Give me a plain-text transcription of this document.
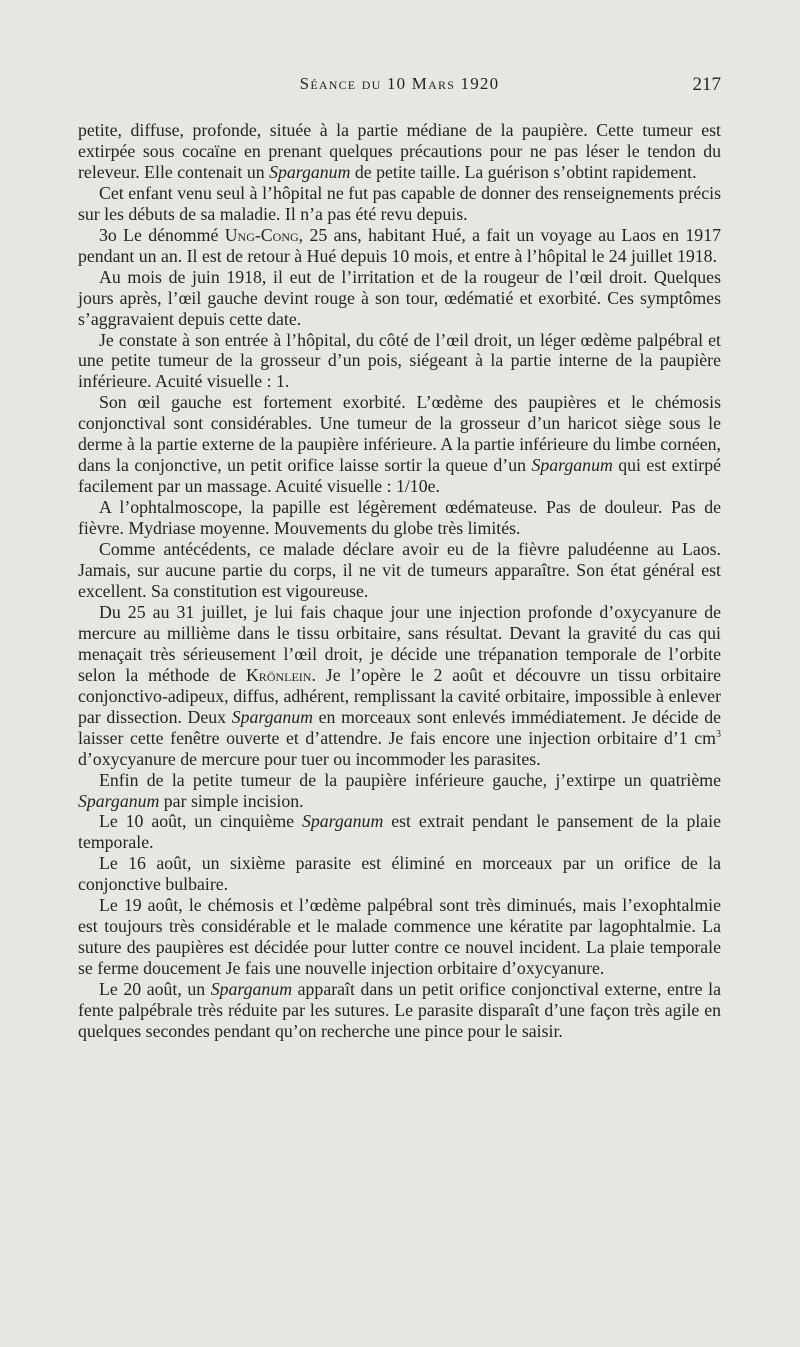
Séance du 10 Mars 1920	217

petite, diffuse, profonde, située à la partie médiane de la paupière. Cette tumeur est extirpée sous cocaïne en prenant quelques précautions pour ne pas léser le tendon du releveur. Elle contenait un Sparganum de petite taille. La guérison s’obtint rapidement.

Cet enfant venu seul à l’hôpital ne fut pas capable de donner des renseignements précis sur les débuts de sa maladie. Il n’a pas été revu depuis.

3o Le dénommé Ung-Cong, 25 ans, habitant Hué, a fait un voyage au Laos en 1917 pendant un an. Il est de retour à Hué depuis 10 mois, et entre à l’hôpital le 24 juillet 1918.

Au mois de juin 1918, il eut de l’irritation et de la rougeur de l’œil droit. Quelques jours après, l’œil gauche devint rouge à son tour, œdématié et exorbité. Ces symptômes s’aggravaient depuis cette date.

Je constate à son entrée à l’hôpital, du côté de l’œil droit, un léger œdème palpébral et une petite tumeur de la grosseur d’un pois, siégeant à la partie interne de la paupière inférieure. Acuité visuelle : 1.

Son œil gauche est fortement exorbité. L’œdème des paupières et le chémosis conjonctival sont considérables. Une tumeur de la grosseur d’un haricot siège sous le derme à la partie externe de la paupière inférieure. A la partie inférieure du limbe cornéen, dans la conjonctive, un petit orifice laisse sortir la queue d’un Sparganum qui est extirpé facilement par un massage. Acuité visuelle : 1/10e.

A l’ophtalmoscope, la papille est légèrement œdémateuse. Pas de douleur. Pas de fièvre. Mydriase moyenne. Mouvements du globe très limités.

Comme antécédents, ce malade déclare avoir eu de la fièvre paludéenne au Laos. Jamais, sur aucune partie du corps, il ne vit de tumeurs apparaître. Son état général est excellent. Sa constitution est vigoureuse.

Du 25 au 31 juillet, je lui fais chaque jour une injection profonde d’oxycyanure de mercure au millième dans le tissu orbitaire, sans résultat. Devant la gravité du cas qui menaçait très sérieusement l’œil droit, je décide une trépanation temporale de l’orbite selon la méthode de Krönlein. Je l’opère le 2 août et découvre un tissu orbitaire conjonctivo-adipeux, diffus, adhérent, remplissant la cavité orbitaire, impossible à enlever par dissection. Deux Sparganum en morceaux sont enlevés immédiatement. Je décide de laisser cette fenêtre ouverte et d’attendre. Je fais encore une injection orbitaire d’1 $cm^3$ d’oxycyanure de mercure pour tuer ou incommoder les parasites.

Enfin de la petite tumeur de la paupière inférieure gauche, j’extirpe un quatrième Sparganum par simple incision.

Le 10 août, un cinquième Sparganum est extrait pendant le pansement de la plaie temporale.

Le 16 août, un sixième parasite est éliminé en morceaux par un orifice de la conjonctive bulbaire.

Le 19 août, le chémosis et l’œdème palpébral sont très diminués, mais l’exophtalmie est toujours très considérable et le malade commence une kératite par lagophtalmie. La suture des paupières est décidée pour lutter contre ce nouvel incident. La plaie temporale se ferme doucement Je fais une nouvelle injection orbitaire d’oxycyanure.

Le 20 août, un Sparganum apparaît dans un petit orifice conjonctival externe, entre la fente palpébrale très réduite par les sutures. Le parasite disparaît d’une façon très agile en quelques secondes pendant qu’on recherche une pince pour le saisir.
